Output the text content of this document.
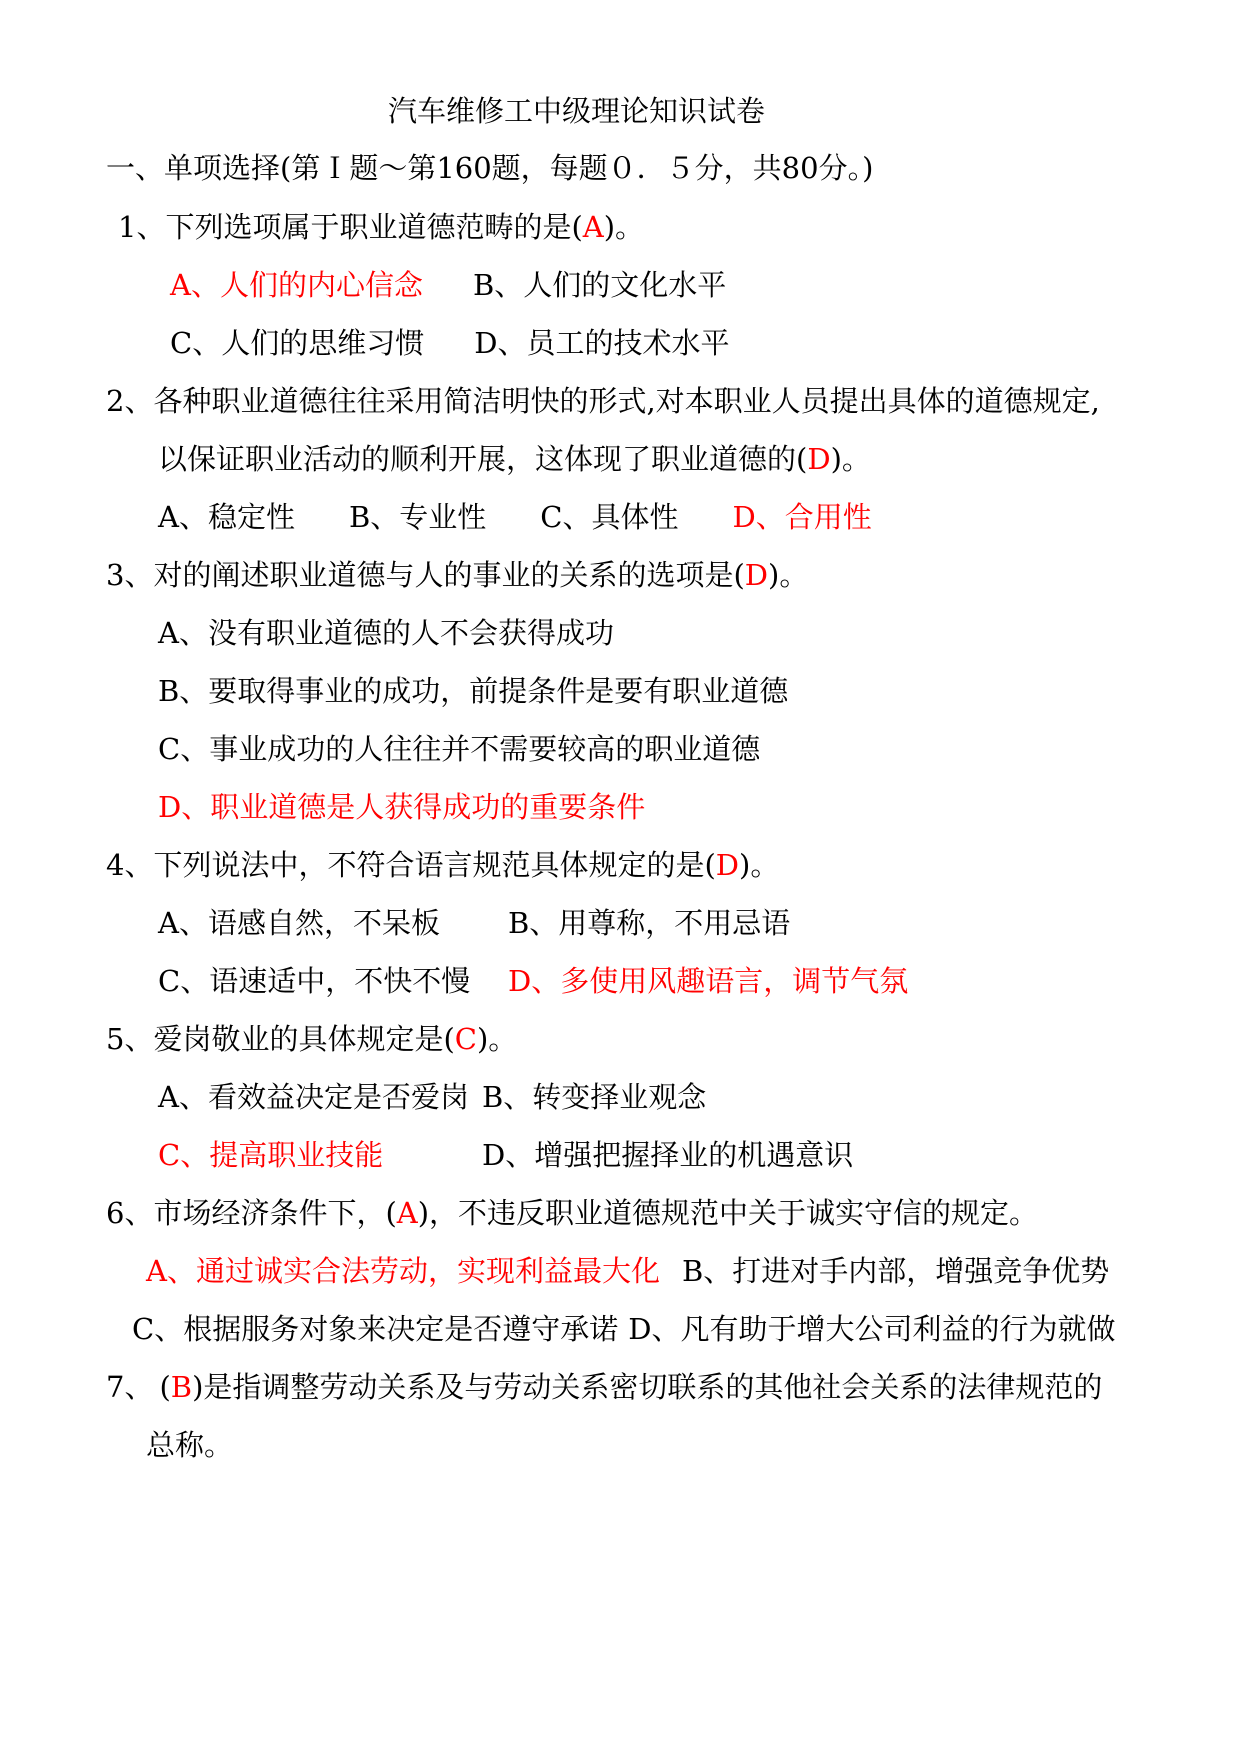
汽车维修工中级理论知识试卷
一、单项选择(第Ｉ题～第160题，每题０．５分，共80分。)
1、下列选项属于职业道德范畴的是(A)。
A、人们的内心信念 B、人们的文化水平
C、人们的思维习惯 D、员工的技术水平
2、各种职业道德往往采用简洁明快的形式,对本职业人员提出具体的道德规定,
以保证职业活动的顺利开展，这体现了职业道德的(D)。
A、稳定性 B、专业性 C、具体性 D、合用性
3、对的阐述职业道德与人的事业的关系的选项是(D)。
A、没有职业道德的人不会获得成功
B、要取得事业的成功，前提条件是要有职业道德
C、事业成功的人往往并不需要较高的职业道德
D、职业道德是人获得成功的重要条件
4、下列说法中，不符合语言规范具体规定的是(D)。
A、语感自然，不呆板 B、用尊称，不用忌语
C、语速适中，不快不慢 D、多使用风趣语言，调节气氛
5、爱岗敬业的具体规定是(C)。
A、看效益决定是否爱岗 B、转变择业观念
C、提高职业技能	D、增强把握择业的机遇意识
6、市场经济条件下，(A)，不违反职业道德规范中关于诚实守信的规定。
A、通过诚实合法劳动，实现利益最大化 B、打进对手内部，增强竞争优势
C、根据服务对象来决定是否遵守承诺 D、凡有助于增大公司利益的行为就做
7、 (B)是指调整劳动关系及与劳动关系密切联系的其他社会关系的法律规范的
总称。
